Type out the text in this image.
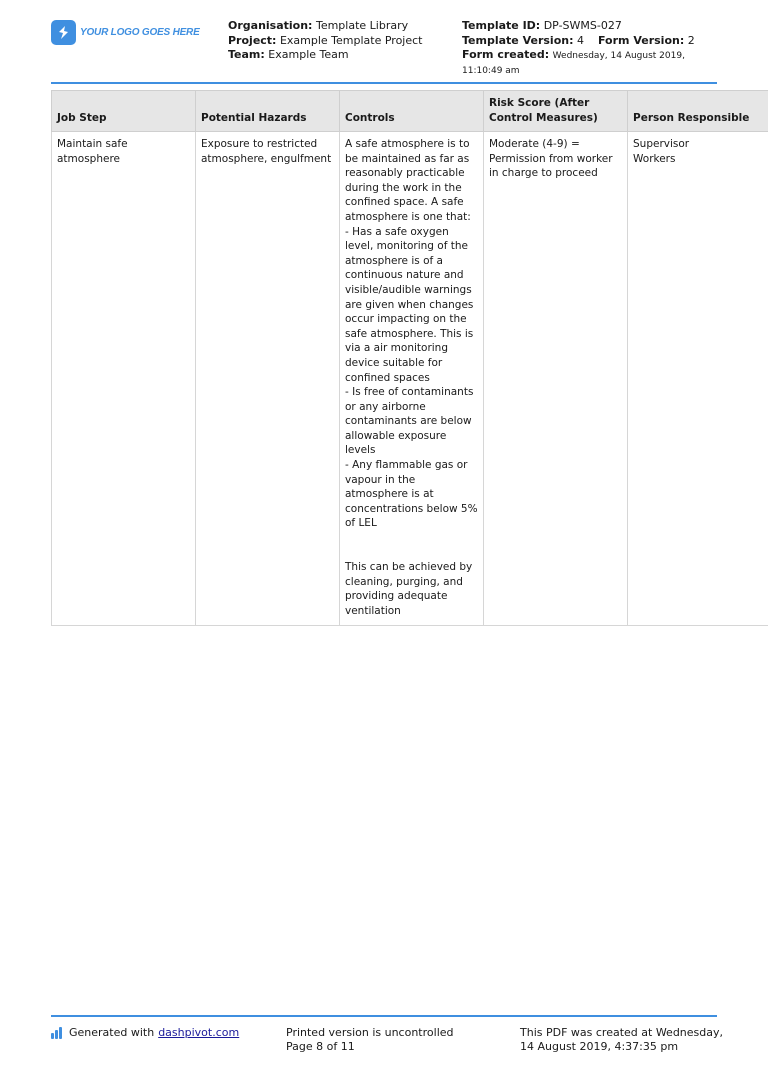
YOUR LOGO GOES HERE
Organisation: Template Library
Project: Example Template Project
Team: Example Team
Template ID: DP-SWMS-027
Template Version: 4 Form Version: 2
Form created: Wednesday, 14 August 2019,
11:10:49 am
Job Step	Potential Hazards	Controls	Risk Score (After Control Measures)	Person Responsible
Maintain safe atmosphere	Exposure to restricted atmosphere, engulfment	A safe atmosphere is to be maintained as far as reasonably practicable during the work in the confined space. A safe atmosphere is one that:
- Has a safe oxygen level, monitoring of the atmosphere is of a continuous nature and visible/audible warnings are given when changes occur impacting on the safe atmosphere. This is via a air monitoring device suitable for confined spaces
- Is free of contaminants or any airborne contaminants are below allowable exposure levels
- Any flammable gas or vapour in the atmosphere is at concentrations below 5% of LEL

This can be achieved by cleaning, purging, and providing adequate ventilation	Moderate (4-9) = Permission from worker in charge to proceed	Supervisor
Workers
Generated with dashpivot.com	Printed version is uncontrolled
Page 8 of 11
This PDF was created at Wednesday, 14 August 2019, 4:37:35 pm
